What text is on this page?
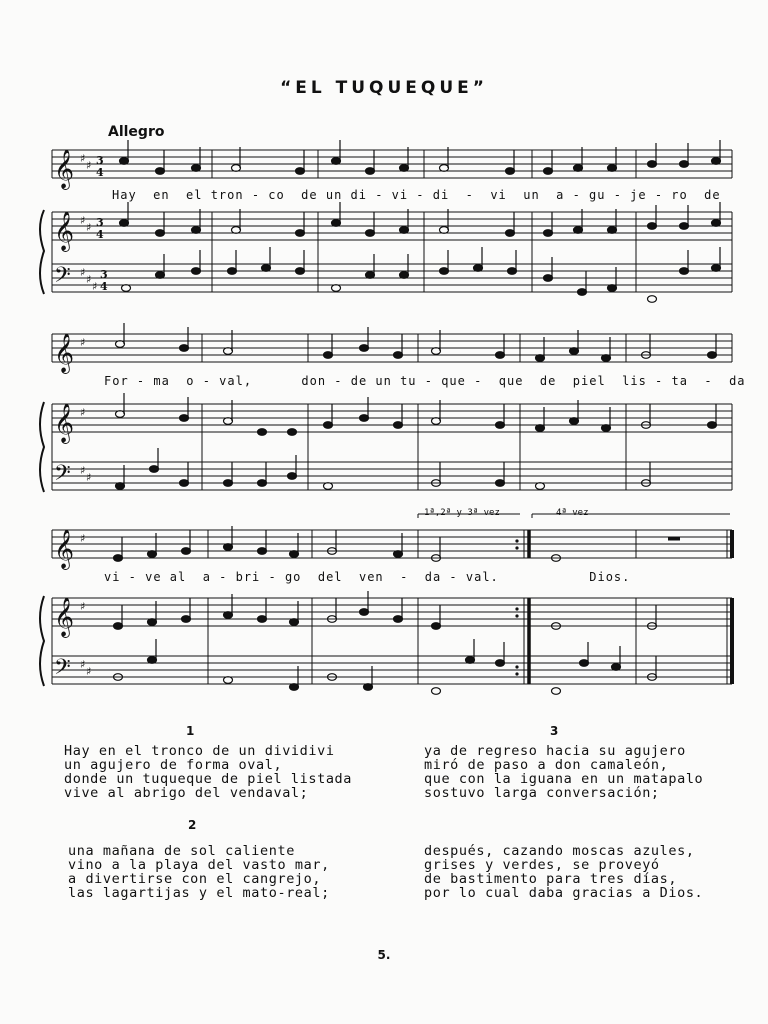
“EL TUQUEQUE”
Allegro
𝄞
𝄞
𝄢
♯
♯
♯
♯
♯
♯
♯
3
4
3
4
3
4
Hay  en  el tron - co  de un di - vi - di  -  vi  un  a - gu - je - ro  de
𝄞
𝄞
𝄢
♯
♯
♯
♯
For - ma  o - val,      don - de un tu - que -  que  de  piel  lis - ta  -  da
1ª,2ª y 3ª vez	4ª vez
𝄞
𝄞
𝄢
♯
♯
♯
♯
vi - ve al  a - bri - go  del  ven  -  da - val.           Dios.
1
Hay en el tronco de un dividivi
un agujero de forma oval,
donde un tuqueque de piel listada
vive al abrigo del vendaval;
2
una mañana de sol caliente
vino a la playa del vasto mar,
a divertirse con el cangrejo,
las lagartijas y el mato-real;
3
ya de regreso hacia su agujero
miró de paso a don camaleón,
que con la iguana en un matapalo
sostuvo larga conversación;
después, cazando moscas azules,
grises y verdes, se proveyó
de bastimento para tres días,
por lo cual daba gracias a Dios.
5.
